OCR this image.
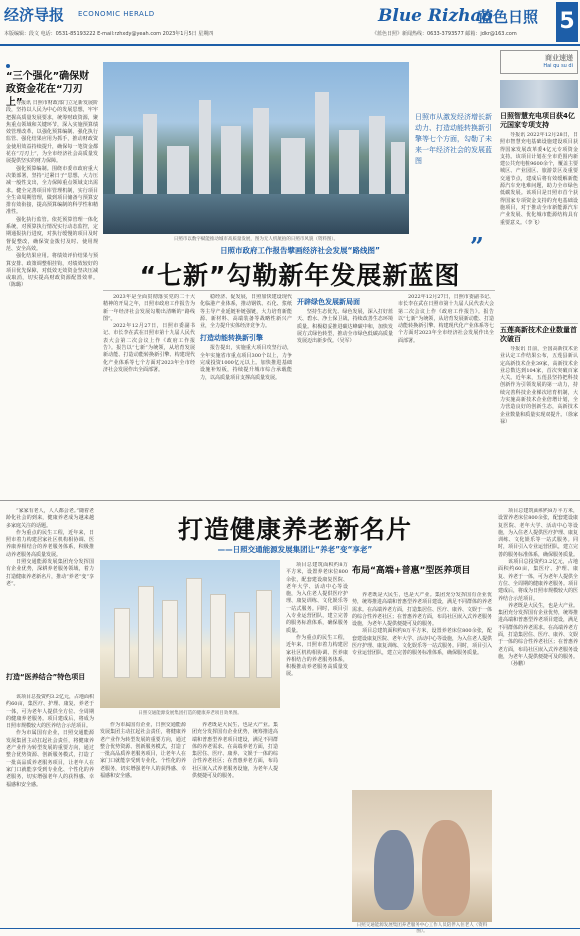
经济导报 ECONOMIC HERALD
本版编辑：段文 电话：0531-85193222 E-mail:rzhxdy@yeah.com 2023年1月5日 星期四
Blue Rizhao
蓝色日照 5
《蓝色日照》新闻热线：0633-3793577 邮箱：jdkr@163.com
“三个强化”确保财政资金花在“刀刃上”

导报讯 日照市财政部门立足新发展阶段，坚持以人民为中心的发展思想，牢牢把握高质量发展要求，统筹财政资源，聚焦重点领域和关键环节，深入实施预算绩效管理改革，以强化预算编制、强化执行监管、强化结果应用为抓手，推动财政资金使用效益持续提升，确保每一笔资金都花在“刀刃上”，为全市经济社会高质量发展提供坚实的财力保障。

强化预算编制。围绕市委市政府重大决策部署，坚持“过紧日子”思想，大力压减一般性支出，全力保障重点领域支出需求。健全完善项目库管理机制，实行项目全生命周期管理，做到项目储备与预算安排有效衔接，提高预算编制的科学性和精准性。

强化执行监管。依托预算管理一体化系统，对预算执行情况实行动态监控，定期通报执行进度，对执行缓慢的项目及时督促整改，确保资金拨付及时、使用规范、安全高效。

强化结果应用。将绩效评价结果与预算安排、政策调整相挂钩，对绩效较好的项目优先保障，对低效无效资金坚决压减或取消，切实提高财政资源配置效率。（陈璐）

日照市以数字赋能推动城市高质量发展，图为无人机航拍的日照市风貌（资料图）。
日照市从激发经济增长新动力、打造动能转换新引擎等七个方面，勾勒了未来一年经济社会的发展蓝图
”
商业速递
Hai qu su di
日照智慧充电项目获4亿元国家专项支持

导报讯 2022年12月28日，日照市智慧充电基础设施建设项目获得国家发展改革委4亿元专项资金支持。该项目计划在全市范围内新建公共充电桩9600余个，覆盖主要城区、产业园区、旅游景区及重要交通节点，建成后将有效缓解新能源汽车充电难问题，助力全市绿色低碳发展。该项目是日照市首个获得国家专项资金支持的充电基础设施项目，对于推动全市新能源汽车产业发展、优化城市能源结构具有重要意义。（李飞）

五莲高新技术企业数量首次破百

导报讯 日前，全国高新技术企业认定工作结果公布，五莲县新认定高新技术企业39家，高新技术企业总数达到104家，首次突破百家大关。近年来，五莲县坚持把科技创新作为引领发展的第一动力，持续完善科技企业梯次培育机制，大力实施高新技术企业倍增计划，全力营造良好的创新生态，高新技术企业数量和质量实现双提升。（徐家禄）

日照市政府工作报告擘画经济社会发展“路线图”
“七新”勾勒新年发展新蓝图

2023年是全面贯彻落实党的二十大精神的开局之年，日照市政府工作报告为新一年经济社会发展勾勒出清晰的“路线图”。

2022年12月27日，日照市委副书记、市长李在武在日照市第十九届人民代表大会第二次会议上作《政府工作报告》。报告以“七新”为统领，从培育发展新动能、打造动能转换新引擎、构建现代化产业体系等七个方面对2023年全市经济社会发展作出全面部署。

稳经济、促发展，日照加快建设现代化临港产业体系，推动钢铁、石化、浆纸等主导产业延链补链强链，大力培育新能源、新材料、高端装备等战略性新兴产业，全力提升实体经济竞争力。

打造动能转换新引擎

报告提出，实施重大项目攻坚行动，全年实施省市重点项目300个以上，力争完成投资1000亿元以上。加快推进基础设施补短板，持续提升城市综合承载能力，以高质量项目支撑高质量发展。

开辟绿色发展新局面

坚持生态优先、绿色发展，深入打好蓝天、碧水、净土保卫战，持续改善生态环境质量。积极稳妥推进碳达峰碳中和，加快发展方式绿色转型，推动全市绿色低碳高质量发展迈出新步伐。（吴军）

2022年12月27日，日照市委副书记、市长李在武在日照市第十九届人民代表大会第二次会议上作《政府工作报告》。报告以“七新”为统领，从培育发展新动能、打造动能转换新引擎、构建现代化产业体系等七个方面对2023年全市经济社会发展作出全面部署。

“家家有老人，人人都会老。”随着老龄化社会的到来，健康养老成为越来越多家庭关注的话题。

作为重点的民生工程，近年来，日照市着力构建居家社区机构相协调、医养康养相结合的养老服务体系，积极推动养老服务高质量发展。

日照交通能源发展集团充分发挥国有企业优势，深耕养老服务领域，着力打造健康养老新名片，推动“养老”变“享老”。

打造“医养结合”特色项目

该项目总投资约3.2亿元，占地面积约60亩，集医疗、护理、康复、养老于一体，可为老年人提供全方位、全周期的健康养老服务。项目建成后，将成为日照市规模较大的医养结合示范项目。

作为市属国有企业，日照交通能源发展集团主动扛起社会责任，将健康养老产业作为转型发展的重要方向，通过整合优势资源、创新服务模式，打造了一批高品质养老服务项目，让老年人在家门口就能享受到专业化、个性化的养老服务，切实增强老年人的获得感、幸福感和安全感。

打造健康养老新名片
——日照交通能源发展集团让“养老”变“享老”
日照交通能源发展集团打造的健康养老项目效果图。

作为市属国有企业，日照交通能源发展集团主动扛起社会责任，将健康养老产业作为转型发展的重要方向，通过整合优势资源、创新服务模式，打造了一批高品质养老服务项目，让老年人在家门口就能享受到专业化、个性化的养老服务，切实增强老年人的获得感、幸福感和安全感。

养老既是大民生，也是大产业。集团充分发挥国有企业优势，统筹推进高端和普惠型养老项目建设，满足不同群体的养老需求。在高端养老方面，打造集居住、医疗、康养、文娱于一体的综合性养老社区；在普惠养老方面，布局社区嵌入式养老服务设施，为老年人提供便捷可及的服务。

项目总建筑面积约8万平方米，设置养老床位800余张，配套建设康复医院、老年大学、活动中心等设施，为入住老人提供医疗护理、康复训练、文化娱乐等一站式服务。同时，项目引入专业运营团队，建立完善的服务标准体系，确保服务质量。

作为重点的民生工程，近年来，日照市着力构建居家社区机构相协调、医养康养相结合的养老服务体系，积极推动养老服务高质量发展。

布局“高端+普惠”型医养项目

养老既是大民生，也是大产业。集团充分发挥国有企业优势，统筹推进高端和普惠型养老项目建设，满足不同群体的养老需求。在高端养老方面，打造集居住、医疗、康养、文娱于一体的综合性养老社区；在普惠养老方面，布局社区嵌入式养老服务设施，为老年人提供便捷可及的服务。

项目总建筑面积约8万平方米，设置养老床位800余张，配套建设康复医院、老年大学、活动中心等设施，为入住老人提供医疗护理、康复训练、文化娱乐等一站式服务。同时，项目引入专业运营团队，建立完善的服务标准体系，确保服务质量。

日照交通能源发展集团养老服务中心工作人员陪伴入住老人（资料图）。

项目总建筑面积约8万平方米，设置养老床位800余张，配套建设康复医院、老年大学、活动中心等设施，为入住老人提供医疗护理、康复训练、文化娱乐等一站式服务。同时，项目引入专业运营团队，建立完善的服务标准体系，确保服务质量。

该项目总投资约3.2亿元，占地面积约60亩，集医疗、护理、康复、养老于一体，可为老年人提供全方位、全周期的健康养老服务。项目建成后，将成为日照市规模较大的医养结合示范项目。

养老既是大民生，也是大产业。集团充分发挥国有企业优势，统筹推进高端和普惠型养老项目建设，满足不同群体的养老需求。在高端养老方面，打造集居住、医疗、康养、文娱于一体的综合性养老社区；在普惠养老方面，布局社区嵌入式养老服务设施，为老年人提供便捷可及的服务。

（孙鹏）
